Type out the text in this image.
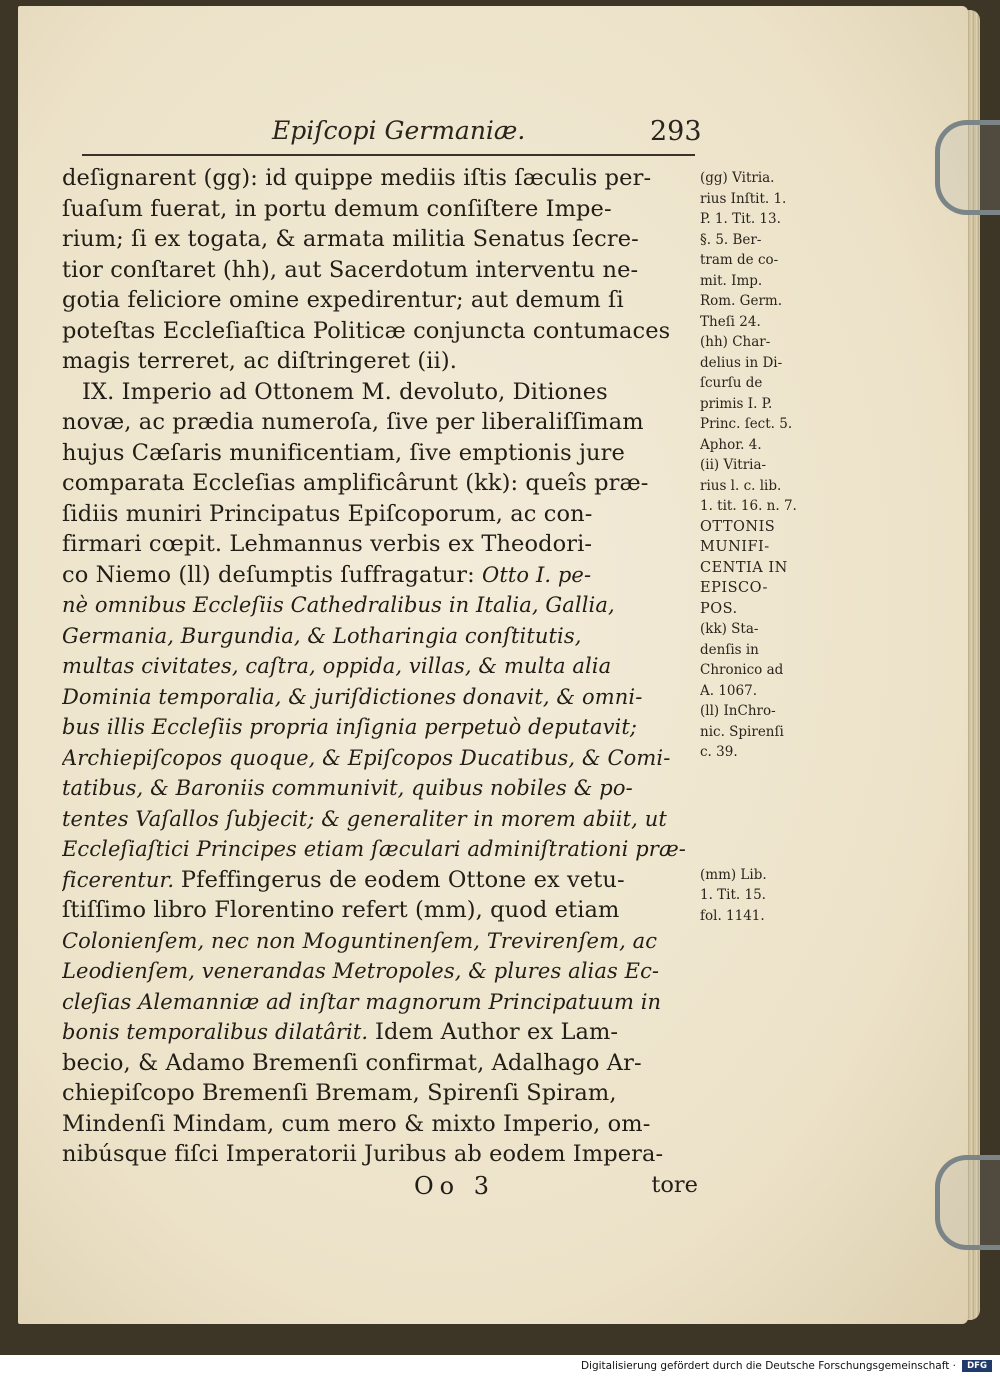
Epiſcopi Germaniæ.	293
deſignarent (gg): id quippe mediis iſtis ſæculis per-
ſuaſum fuerat, in portu demum conſiſtere Impe-
rium; ſi ex togata, & armata militia Senatus ſecre-
tior conſtaret (hh), aut Sacerdotum interventu ne-
gotia feliciore omine expedirentur; aut demum ſi
poteſtas Eccleſiaſtica Politicæ conjuncta contumaces
magis terreret, ac diſtringeret (ii).
IX. Imperio ad Ottonem M. devoluto, Ditiones
novæ, ac prædia numeroſa, ſive per liberaliſſimam
hujus Cæſaris munificentiam, ſive emptionis jure
comparata Eccleſias amplificârunt (kk): queîs præ-
ſidiis muniri Principatus Epiſcoporum, ac con-
firmari cœpit. Lehmannus verbis ex Theodori-
co Niemo (ll) deſumptis ſuffragatur: Otto I. pe-
nè omnibus Eccleſiis Cathedralibus in Italia, Gallia,
Germania, Burgundia, & Lotharingia conſtitutis,
multas civitates, caſtra, oppida, villas, & multa alia
Dominia temporalia, & juriſdictiones donavit, & omni-
bus illis Eccleſiis propria inſignia perpetuò deputavit;
Archiepiſcopos quoque, & Epiſcopos Ducatibus, & Comi-
tatibus, & Baroniis communivit, quibus nobiles & po-
tentes Vaſallos ſubjecit; & generaliter in morem abiit, ut
Eccleſiaſtici Principes etiam ſæculari adminiſtrationi præ-
ficerentur. Pfeffingerus de eodem Ottone ex vetu-
ſtiſſimo libro Florentino refert (mm), quod etiam
Colonienſem, nec non Moguntinenſem, Trevirenſem, ac
Leodienſem, venerandas Metropoles, & plures alias Ec-
cleſias Alemanniæ ad inſtar magnorum Principatuum in
bonis temporalibus dilatârit. Idem Author ex Lam-
becio, & Adamo Bremenſi confirmat, Adalhago Ar-
chiepiſcopo Bremenſi Bremam, Spirenſi Spiram,
Mindenſi Mindam, cum mero & mixto Imperio, om-
nibúsque fiſci Imperatorii Juribus ab eodem Impera-
(gg) Vitria.
rius Inſtit. 1.
P. 1. Tit. 13.
§. 5. Ber-
tram de co-
mit. Imp.
Rom. Germ.
Theſi 24.
(hh) Char-
delius in Di-
ſcurſu de
primis I. P.
Princ. ſect. 5.
Aphor. 4.
(ii) Vitria-
rius l. c. lib.
1. tit. 16. n. 7.
OTTONIS
MUNIFI-
CENTIA IN
EPISCO-
POS.
(kk) Sta-
denſis in
Chronico ad
A. 1067.
(ll) InChro-
nic. Spirenſi
c. 39.
(mm) Lib.
1. Tit. 15.
fol. 1141.
Oo 3	tore
Digitalisierung gefördert durch die Deutsche Forschungsgemeinschaft ·	DFG
